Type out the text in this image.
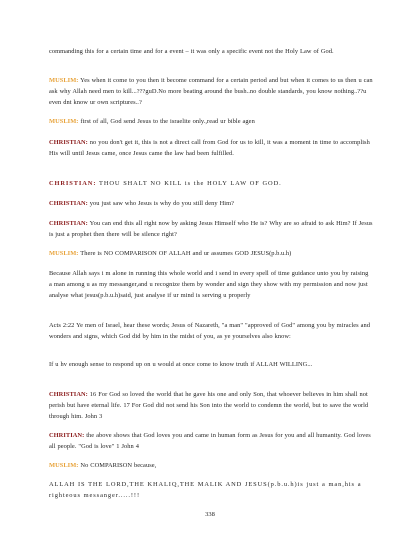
commanding this for a certain time and for a event – it was only a specific event not the Holy Law of God.

MUSLIM: Yes when it come to you then it become command for a certain period and but when it comes to us then u can ask why Allah need men to kill...???guD.No more beating around the bush..no double standards, you know nothing..??u even dnt know ur own scriptures..?

MUSLIM: first of all, God send Jesus to the israelite only.,read ur bible agen

CHRISTIAN: no you don't get it, this is not a direct call from God for us to kill, it was a moment in time to accomplish His will until Jesus came, once Jesus came the law had been fulfilled.

CHRISTIAN: THOU SHALT NO KILL is the HOLY LAW OF GOD.

CHRISTIAN: you just saw who Jesus is why do you still deny Him?

CHRISTIAN: You can end this all right now by asking Jesus Himself who He is? Why are so afraid to ask Him? If Jesus is just a prophet then there will be silence right?

MUSLIM: There is NO COMPARISON OF ALLAH and ur assumes GOD JESUS(p.b.u.h)

Because Allah says i m alone in running this whole world and i send in every spell of time guidance unto you by raising a man among u as my messanger,and u recognize them by wonder and sign they show with my permission and now just analyse what jesus(p.b.u.h)said, just analyse if ur mind is serving u properly

Acts 2:22 Ye men of Israel, hear these words; Jesus of Nazareth, "a man" "approved of God" among you by miracles and wonders and signs, which God did by him in the midst of you, as ye yourselves also know:

If u hv enough sense to respond up on u would at once come to know truth if ALLAH WILLING...

CHRISTIAN: 16 For God so loved the world that he gave his one and only Son, that whoever believes in him shall not perish but have eternal life. 17 For God did not send his Son into the world to condemn the world, but to save the world through him. John 3

CHRITIAN: the above shows that God loves you and came in human form as Jesus for you and all humanity. God loves all people. "God is love" 1 John 4

MUSLIM: No COMPARISON because,

ALLAH IS THE LORD,THE KHALIQ,THE MALIK AND JESUS(p.b.u.h)is just a man,his a righteous messanger.....!!!

338
